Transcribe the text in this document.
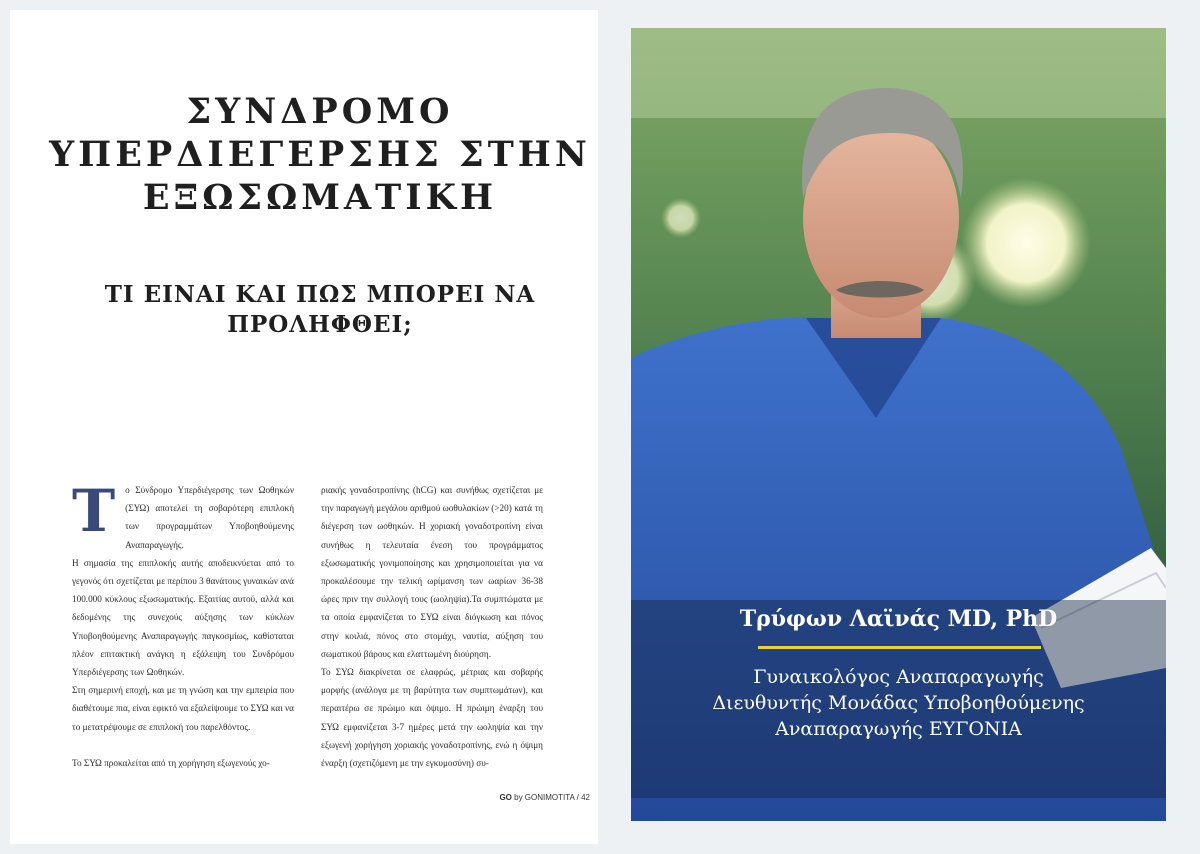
ΣΥΝΔΡΟΜΟ
ΥΠΕΡΔΙΕΓΕΡΣΗΣ ΣΤΗΝ
ΕΞΩΣΩΜΑΤΙΚΗ
ΤΙ ΕΙΝΑΙ ΚΑΙ ΠΩΣ ΜΠΟΡΕΙ ΝΑ
ΠΡΟΛΗΦΘΕΙ;

Τ ο Σύνδρομο Υπερδιέγερσης των Ωοθηκών (ΣΥΩ) αποτελεί τη σοβαρότερη επιπλοκή των προγραμμάτων Υποβοηθούμενης Αναπαραγωγής.

Η σημασία της επιπλοκής αυτής αποδεικνύεται από το γεγονός ότι σχετίζεται με περίπου 3 θανάτους γυναικών ανά 100.000 κύκλους εξωσωματικής. Εξαιτίας αυτού, αλλά και δεδομένης της συνεχούς αύξησης των κύκλων Υποβοηθούμενης Αναπαραγωγής παγκοσμίως, καθίσταται πλέον επιτακτική ανάγκη η εξάλειψη του Συνδρόμου Υπερδιέγερσης των Ωοθηκών.

Στη σημερινή εποχή, και με τη γνώση και την εμπειρία που διαθέτουμε πια, είναι εφικτό να εξαλείψουμε το ΣΥΩ και να το μετατρέψουμε σε επιπλοκή του παρελθόντος.

Το ΣΥΩ προκαλείται από τη χορήγηση εξωγενούς χο-

ριακής γοναδοτροπίνης (hCG) και συνήθως σχετίζεται με την παραγωγή μεγάλου αριθμού ωοθυλακίων (>20) κατά τη διέγερση των ωοθηκών. Η χοριακή γοναδοτροπίνη είναι συνήθως η τελευταία ένεση του προγράμματος εξωσωματικής γονιμοποίησης και χρησιμοποιείται για να προκαλέσουμε την τελική ωρίμανση των ωαρίων 36-38 ώρες πριν την συλλογή τους (ωοληψία).Τα συμπτώματα με τα οποία εμφανίζεται το ΣΥΩ είναι διόγκωση και πόνος στην κοιλιά, πόνος στο στομάχι, ναυτία, αύξηση του σωματικού βάρους και ελαττωμένη διούρηση.

Το ΣΥΩ διακρίνεται σε ελαφρώς, μέτριας και σοβαρής μορφής (ανάλογα με τη βαρύτητα των συμπτωμάτων), και περαιτέρω σε πρώιμο και όψιμο. Η πρώιμη έναρξη του ΣΥΩ εμφανίζεται 3-7 ημέρες μετά την ωοληψία και την εξωγενή χορήγηση χοριακής γοναδοτροπίνης, ενώ η όψιμη έναρξη (σχετιζόμενη με την εγκυμοσύνη) συ-

GO by GONIMOTITA / 42
Τρύφων Λαϊνάς MD, PhD
Γυναικολόγος Αναπαραγωγής
Διευθυντής Μονάδας Υποβοηθούμενης
Αναπαραγωγής ΕΥΓΟΝΙΑ
